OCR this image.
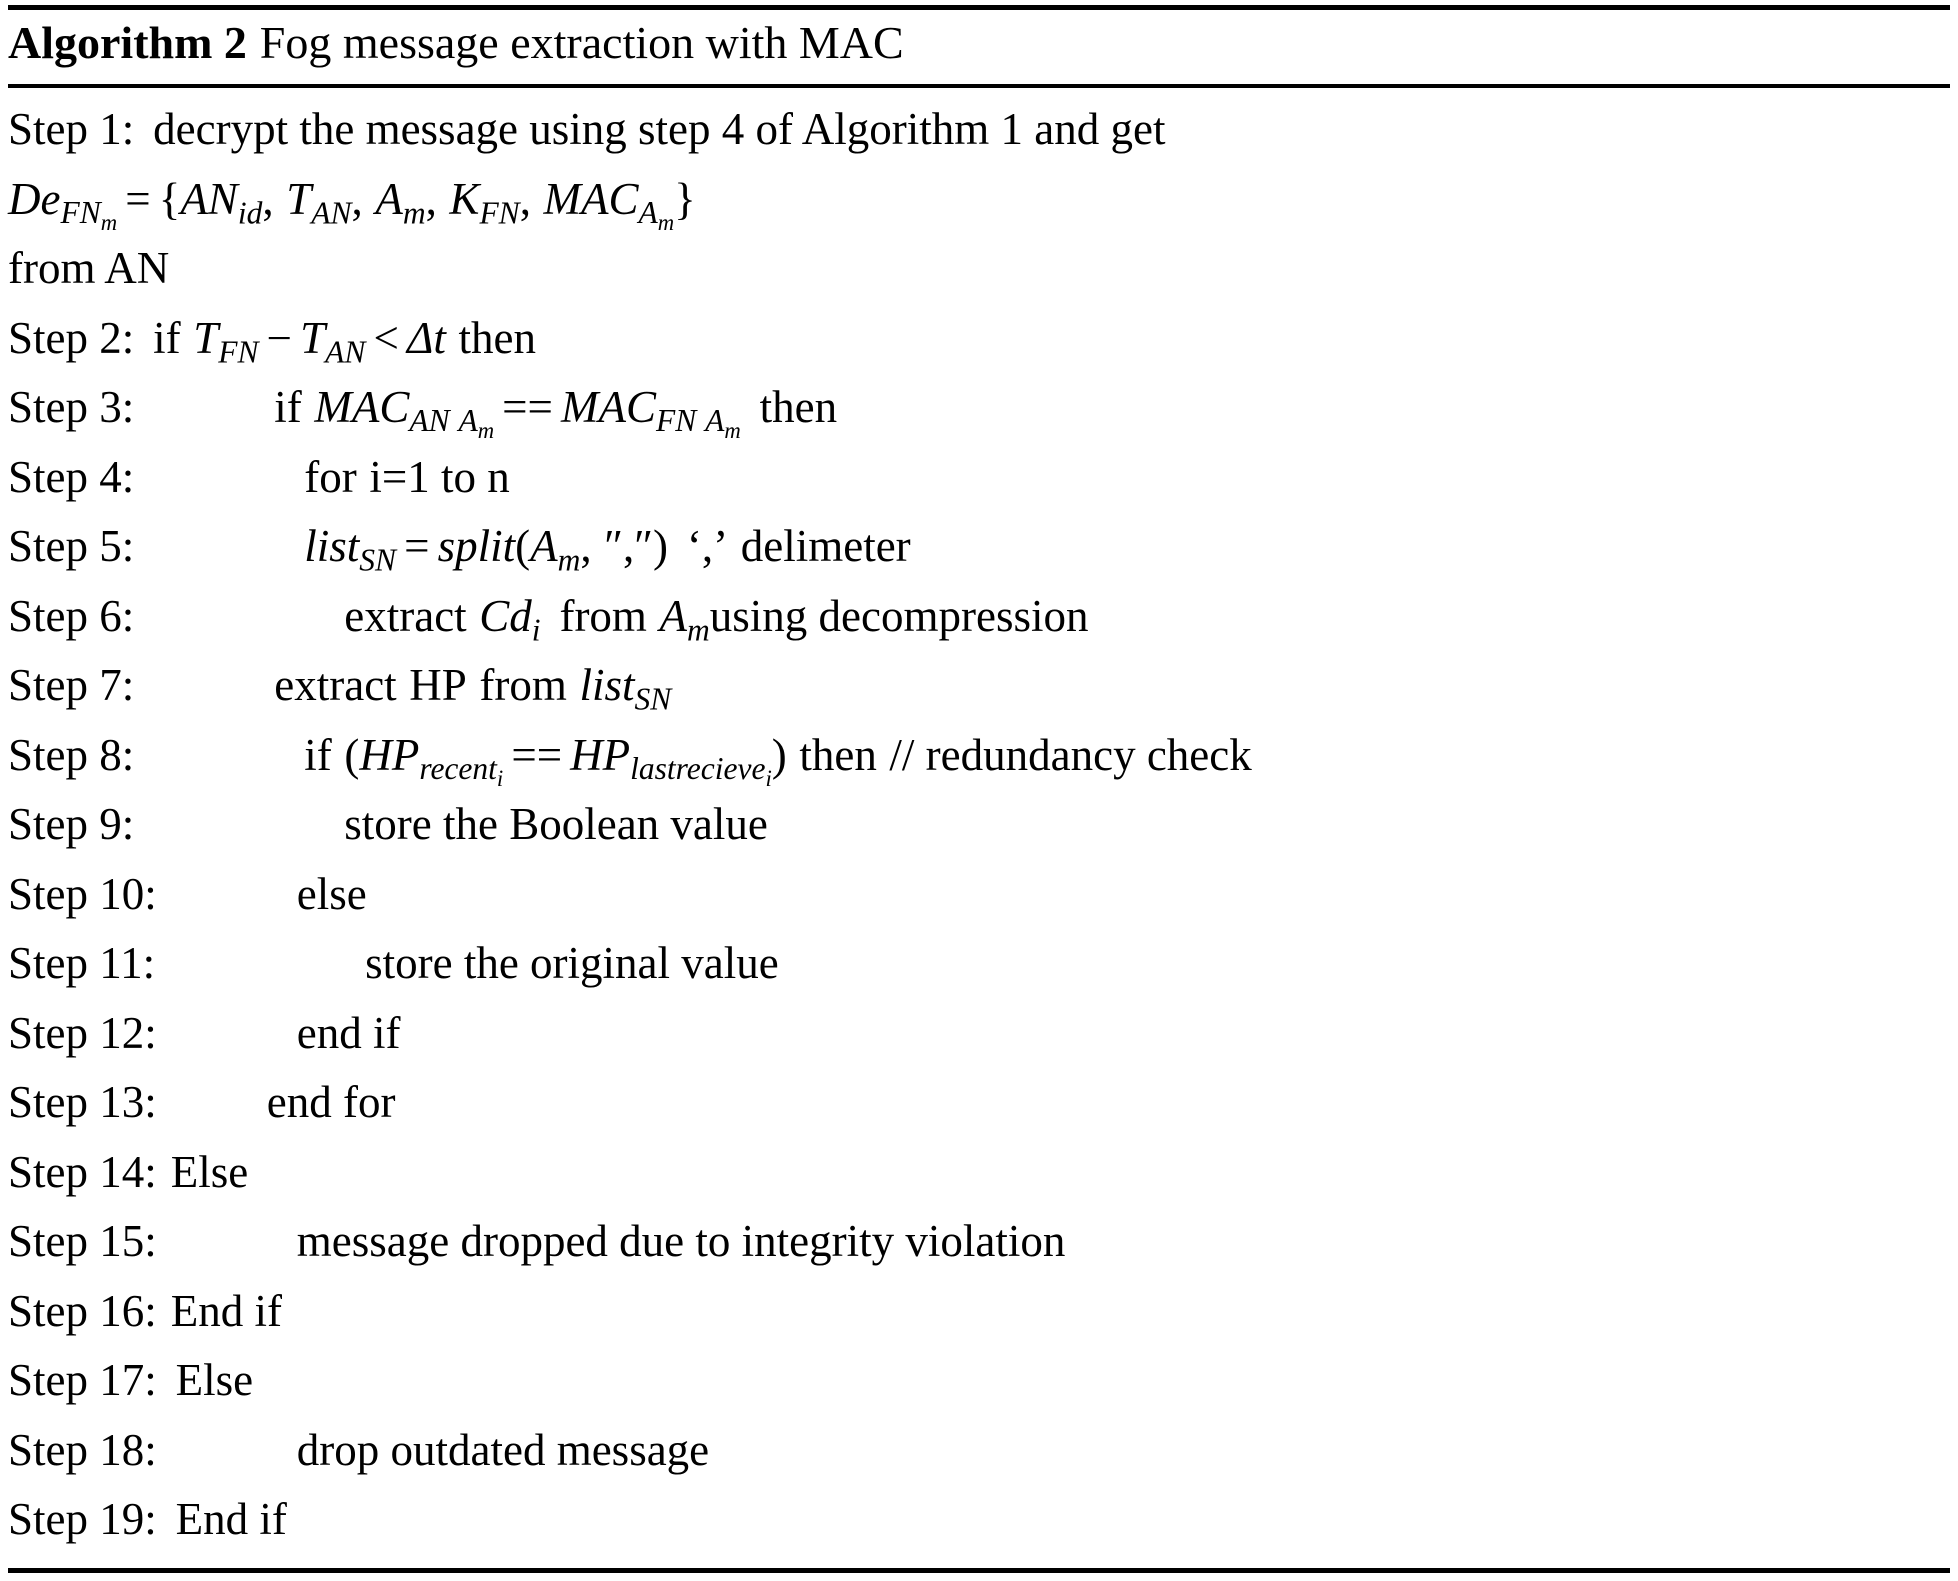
Algorithm 2 Fog message extraction with MAC
Step 1: decrypt the message using step 4 of Algorithm 1 and get
$De_{FN_m} = \{AN_{id}$, $T_{AN}$, $A_m$, $K_{FN}$, $MAC_{A_m}$}
from AN
Step 2: if $T_{FN} - T_{AN} < \Delta t$ then
Step 3:	if $MAC_{AN A_m} == MAC_{FN A_m}$ then
Step 4:	for i=1 to n
Step 5:	list$_{SN}$ = $split(A_m$, ″,″) ‘,’ delimeter
Step 6:	extract $Cd_i$ from $A_musing$ decompression
Step 7:	extract HP from list$_{SN}$
Step 8:	if $(HP_{recent_i} == HP_{lastrecieve_i})$ then // redundancy check
Step 9:	store the Boolean value
Step 10:	else
Step 11:	store the original value
Step 12:	end if
Step 13: end for
Step 14: Else
Step 15:	message dropped due to integrity violation
Step 16: End if
Step 17: Else
Step 18:	drop outdated message
Step 19: End if
